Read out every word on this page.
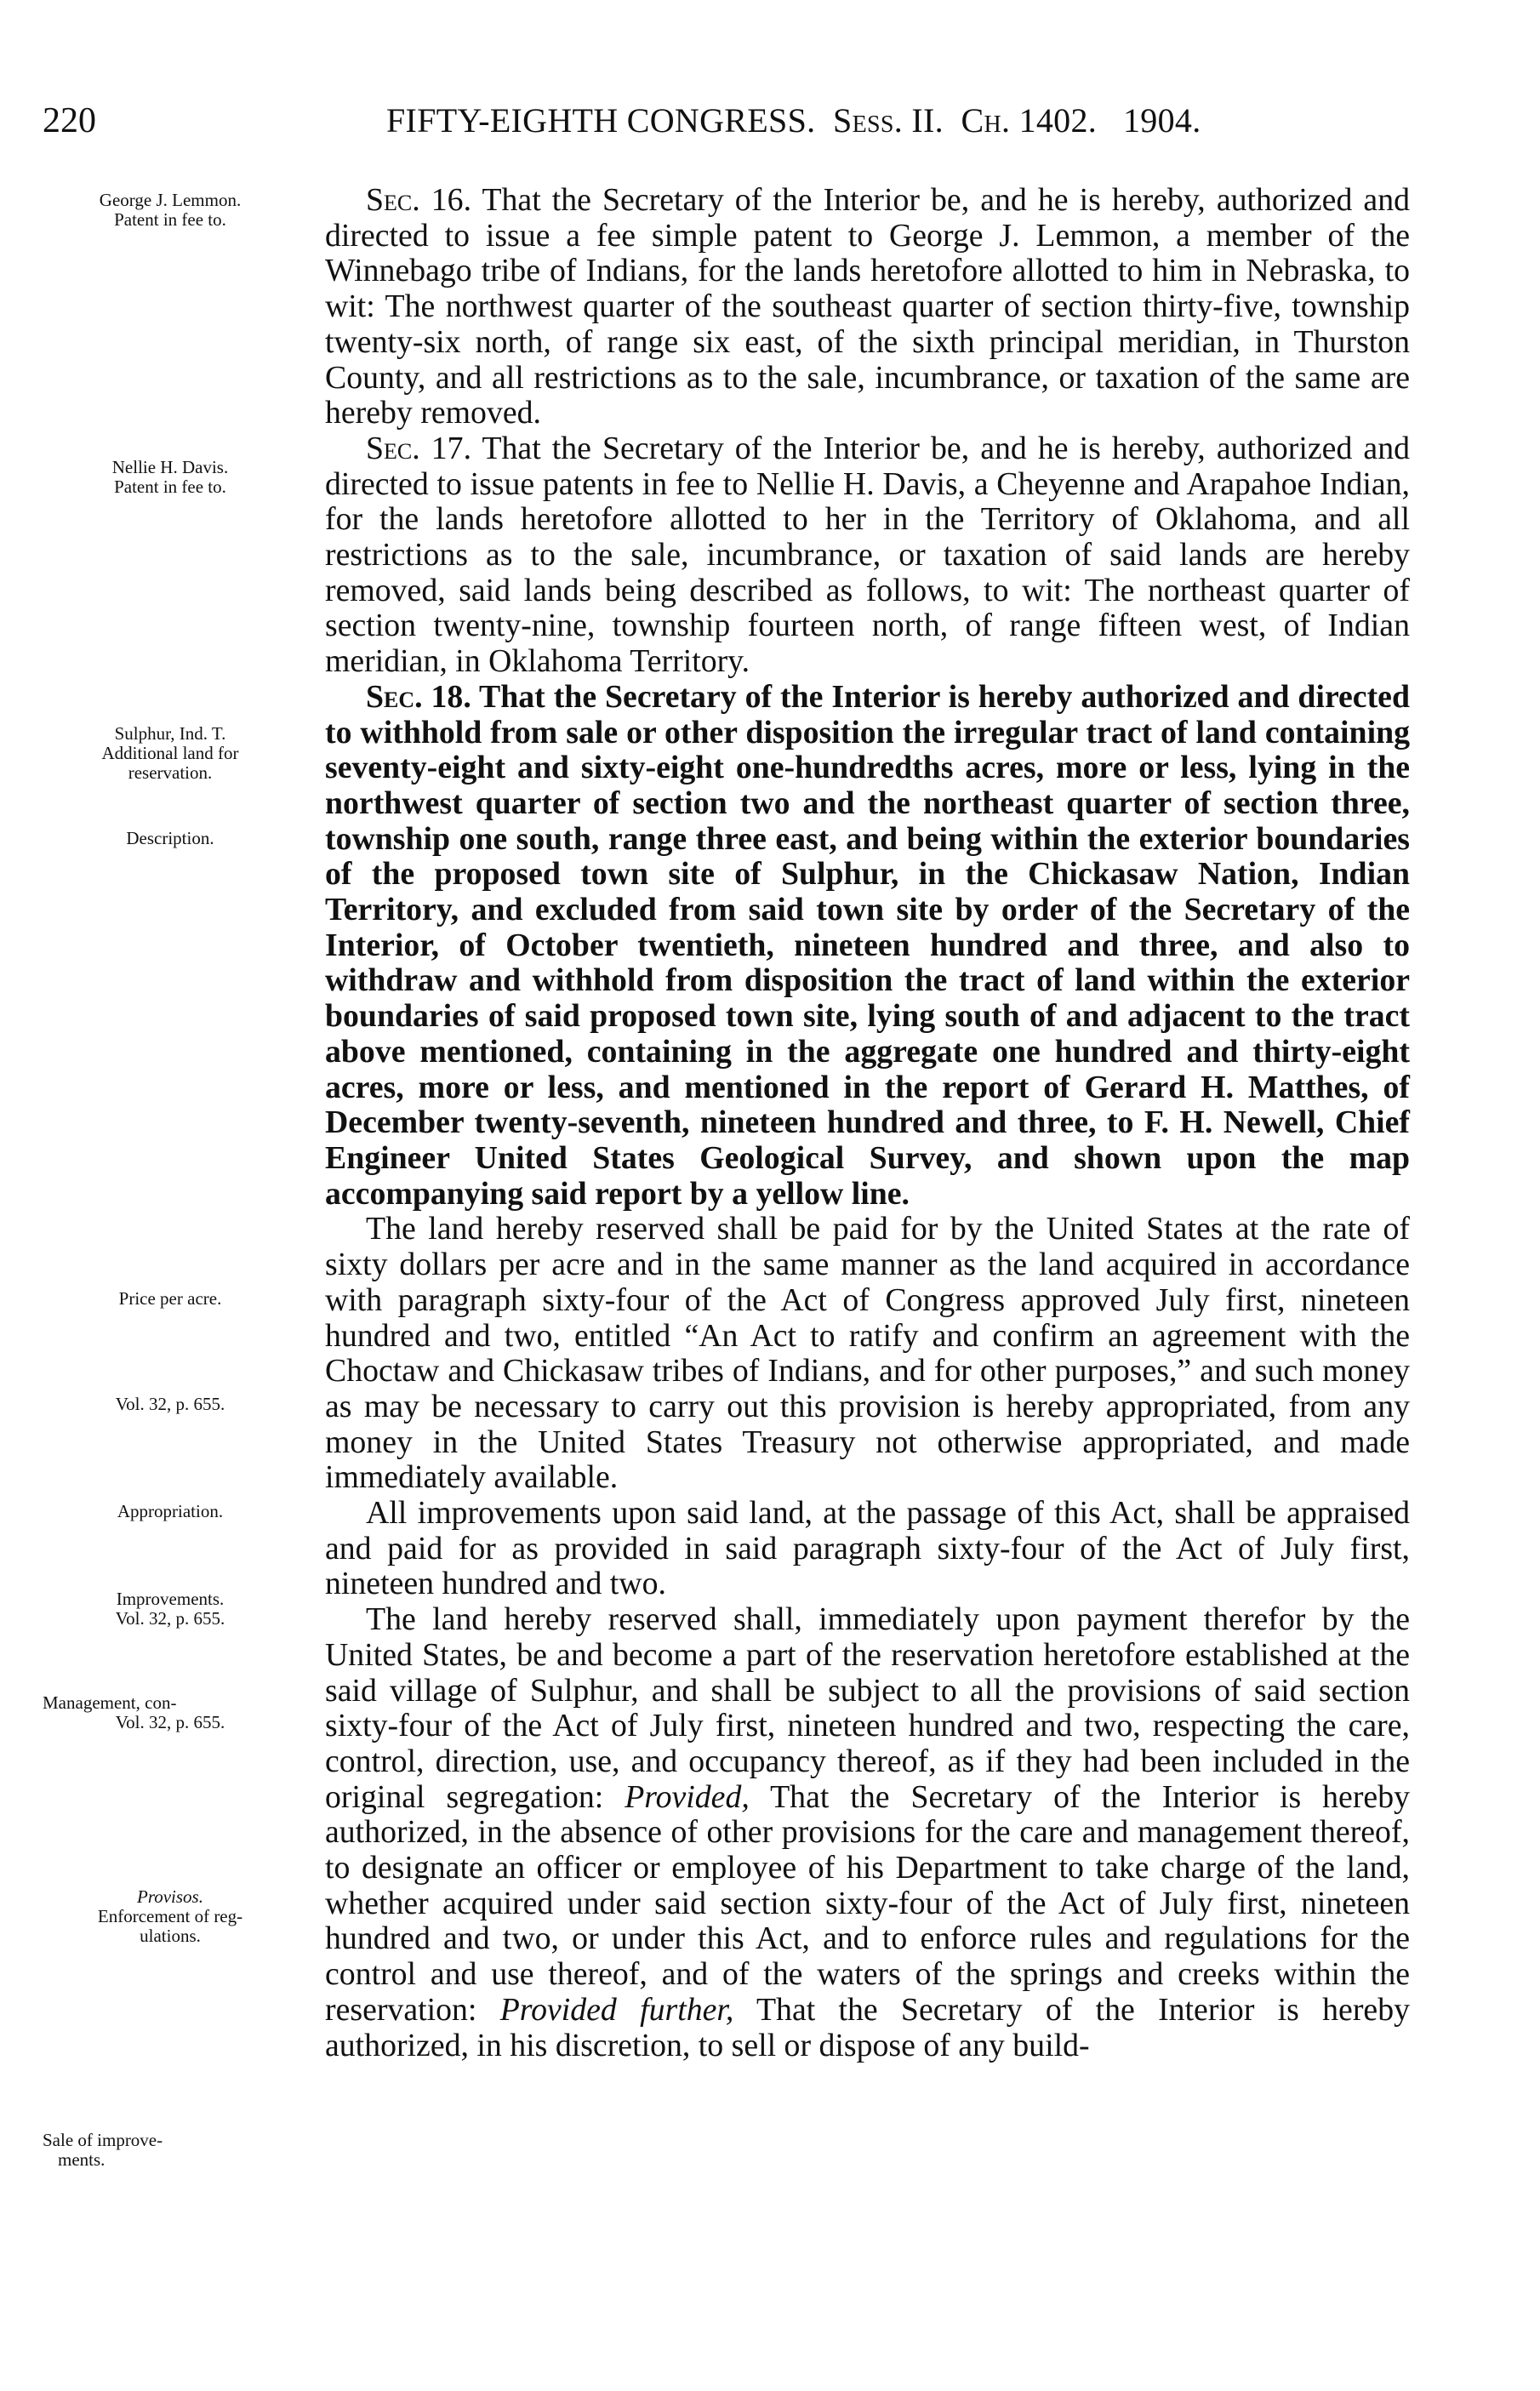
220	FIFTY-EIGHTH CONGRESS. Sess. II. Ch. 1402. 1904.
George J. Lemmon.
Patent in fee to.
Nellie H. Davis.
Patent in fee to.
Sulphur, Ind. T.
Additional land for
reservation.
Description.
Price per acre.
Vol. 32, p. 655.
Appropriation.
Improvements.
Vol. 32, p. 655.
Management, con-
Vol. 32, p. 655.
Provisos.
Enforcement of reg-
ulations.
Sale of improve-
ments.

Sec. 16. That the Secretary of the Interior be, and he is hereby, authorized and directed to issue a fee simple patent to George J. Lemmon, a member of the Winnebago tribe of Indians, for the lands heretofore allotted to him in Nebraska, to wit: The northwest quarter of the southeast quarter of section thirty-five, township twenty-six north, of range six east, of the sixth principal meridian, in Thurston County, and all restrictions as to the sale, incumbrance, or taxation of the same are hereby removed.

Sec. 17. That the Secretary of the Interior be, and he is hereby, authorized and directed to issue patents in fee to Nellie H. Davis, a Cheyenne and Arapahoe Indian, for the lands heretofore allotted to her in the Territory of Oklahoma, and all restrictions as to the sale, incumbrance, or taxation of said lands are hereby removed, said lands being described as follows, to wit: The northeast quarter of section twenty-nine, township fourteen north, of range fifteen west, of Indian meridian, in Oklahoma Territory.

Sec. 18. That the Secretary of the Interior is hereby authorized and directed to withhold from sale or other disposition the irregular tract of land containing seventy-eight and sixty-eight one-hundredths acres, more or less, lying in the northwest quarter of section two and the northeast quarter of section three, township one south, range three east, and being within the exterior boundaries of the proposed town site of Sulphur, in the Chickasaw Nation, Indian Territory, and excluded from said town site by order of the Secretary of the Interior, of October twentieth, nineteen hundred and three, and also to withdraw and withhold from disposition the tract of land within the exterior boundaries of said proposed town site, lying south of and adjacent to the tract above mentioned, containing in the aggregate one hundred and thirty-eight acres, more or less, and mentioned in the report of Gerard H. Matthes, of December twenty-seventh, nineteen hundred and three, to F. H. Newell, Chief Engineer United States Geological Survey, and shown upon the map accompanying said report by a yellow line.

The land hereby reserved shall be paid for by the United States at the rate of sixty dollars per acre and in the same manner as the land acquired in accordance with paragraph sixty-four of the Act of Congress approved July first, nineteen hundred and two, entitled “An Act to ratify and confirm an agreement with the Choctaw and Chickasaw tribes of Indians, and for other purposes,” and such money as may be necessary to carry out this provision is hereby appropriated, from any money in the United States Treasury not otherwise appropriated, and made immediately available.

All improvements upon said land, at the passage of this Act, shall be appraised and paid for as provided in said paragraph sixty-four of the Act of July first, nineteen hundred and two.

The land hereby reserved shall, immediately upon payment therefor by the United States, be and become a part of the reservation heretofore established at the said village of Sulphur, and shall be subject to all the provisions of said section sixty-four of the Act of July first, nineteen hundred and two, respecting the care, control, direction, use, and occupancy thereof, as if they had been included in the original segregation: Provided, That the Secretary of the Interior is hereby authorized, in the absence of other provisions for the care and management thereof, to designate an officer or employee of his Department to take charge of the land, whether acquired under said section sixty-four of the Act of July first, nineteen hundred and two, or under this Act, and to enforce rules and regulations for the control and use thereof, and of the waters of the springs and creeks within the reservation: Provided further, That the Secretary of the Interior is hereby authorized, in his discretion, to sell or dispose of any build-
